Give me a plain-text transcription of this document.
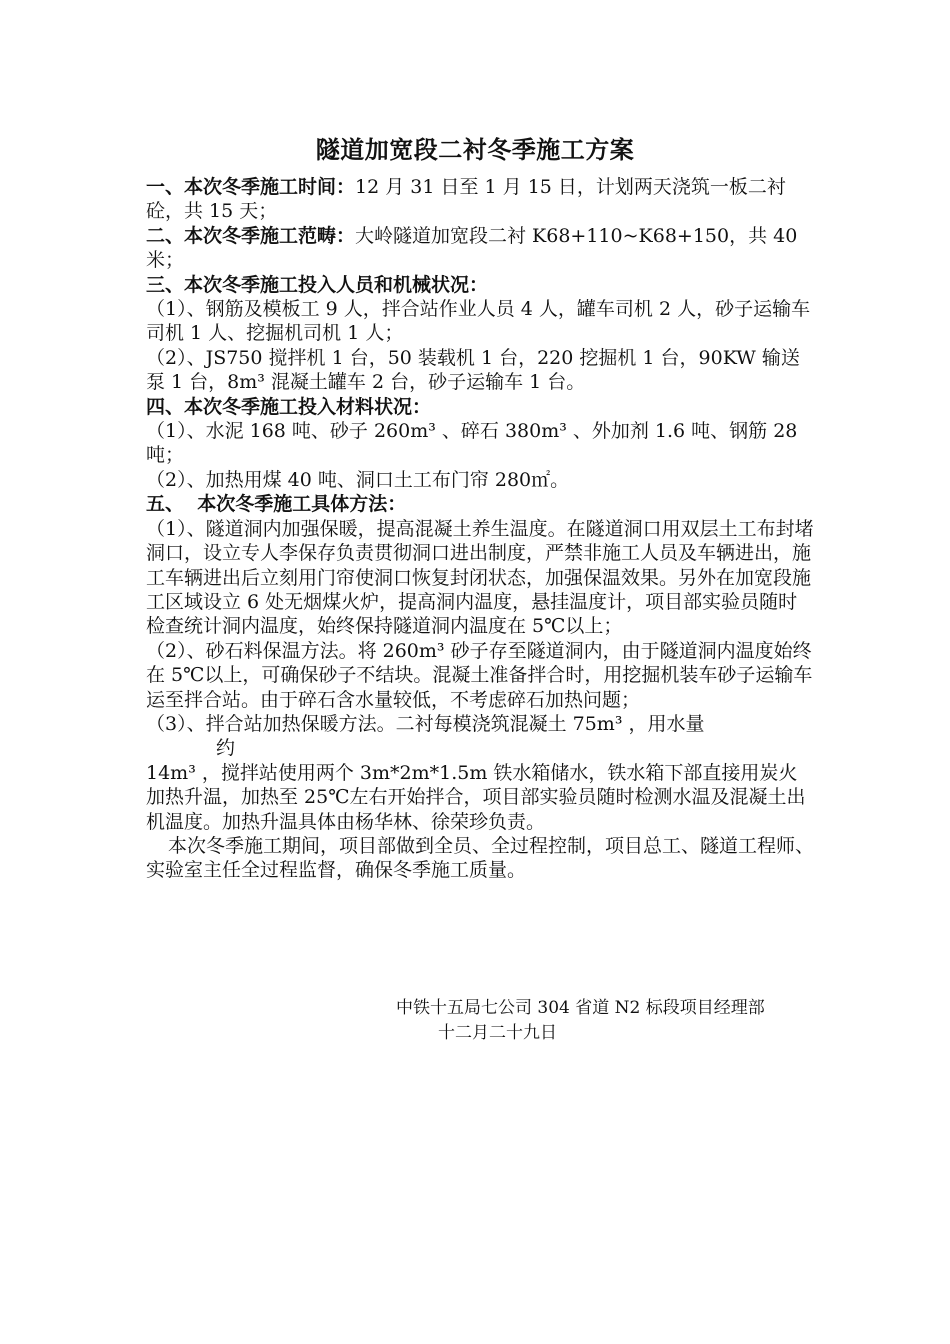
隧道加宽段二衬冬季施工方案

一、本次冬季施工时间：12 月 31 日至 1 月 15 日，计划两天浇筑一板二衬砼，共 15 天；

二、本次冬季施工范畴：大岭隧道加宽段二衬 K68+110~K68+150，共 40 米；

三、本次冬季施工投入人员和机械状况：

（1）、钢筋及模板工 9 人，拌合站作业人员 4 人，罐车司机 2 人，砂子运输车司机 1 人、挖掘机司机 1 人；

（2）、JS750 搅拌机 1 台，50 装载机 1 台，220 挖掘机 1 台，90KW 输送泵 1 台，8m³ 混凝土罐车 2 台，砂子运输车 1 台。

四、本次冬季施工投入材料状况：

（1）、水泥 168 吨、砂子 260m³ 、碎石 380m³ 、外加剂 1.6 吨、钢筋 28 吨；

（2）、加热用煤 40 吨、洞口土工布门帘 280㎡。

五、  本次冬季施工具体方法：

（1）、隧道洞内加强保暖，提高混凝土养生温度。在隧道洞口用双层土工布封堵洞口，设立专人李保存负责贯彻洞口进出制度，严禁非施工人员及车辆进出，施工车辆进出后立刻用门帘使洞口恢复封闭状态，加强保温效果。另外在加宽段施工区域设立 6 处无烟煤火炉，提高洞内温度，悬挂温度计，项目部实验员随时检查统计洞内温度，始终保持隧道洞内温度在 5℃以上；

（2）、砂石料保温方法。将 260m³ 砂子存至隧道洞内，由于隧道洞内温度始终在 5℃以上，可确保砂子不结块。混凝土准备拌合时，用挖掘机装车砂子运输车运至拌合站。由于碎石含水量较低，不考虑碎石加热问题；

（3）、拌合站加热保暖方法。二衬每模浇筑混凝土 75m³ ，用水量

约

14m³ ，搅拌站使用两个 3m*2m*1.5m 铁水箱储水，铁水箱下部直接用炭火加热升温，加热至 25℃左右开始拌合，项目部实验员随时检测水温及混凝土出机温度。加热升温具体由杨华林、徐荣珍负责。

本次冬季施工期间，项目部做到全员、全过程控制，项目总工、隧道工程师、实验室主任全过程监督，确保冬季施工质量。

中铁十五局七公司 304 省道 N2 标段项目经理部
十二月二十九日
